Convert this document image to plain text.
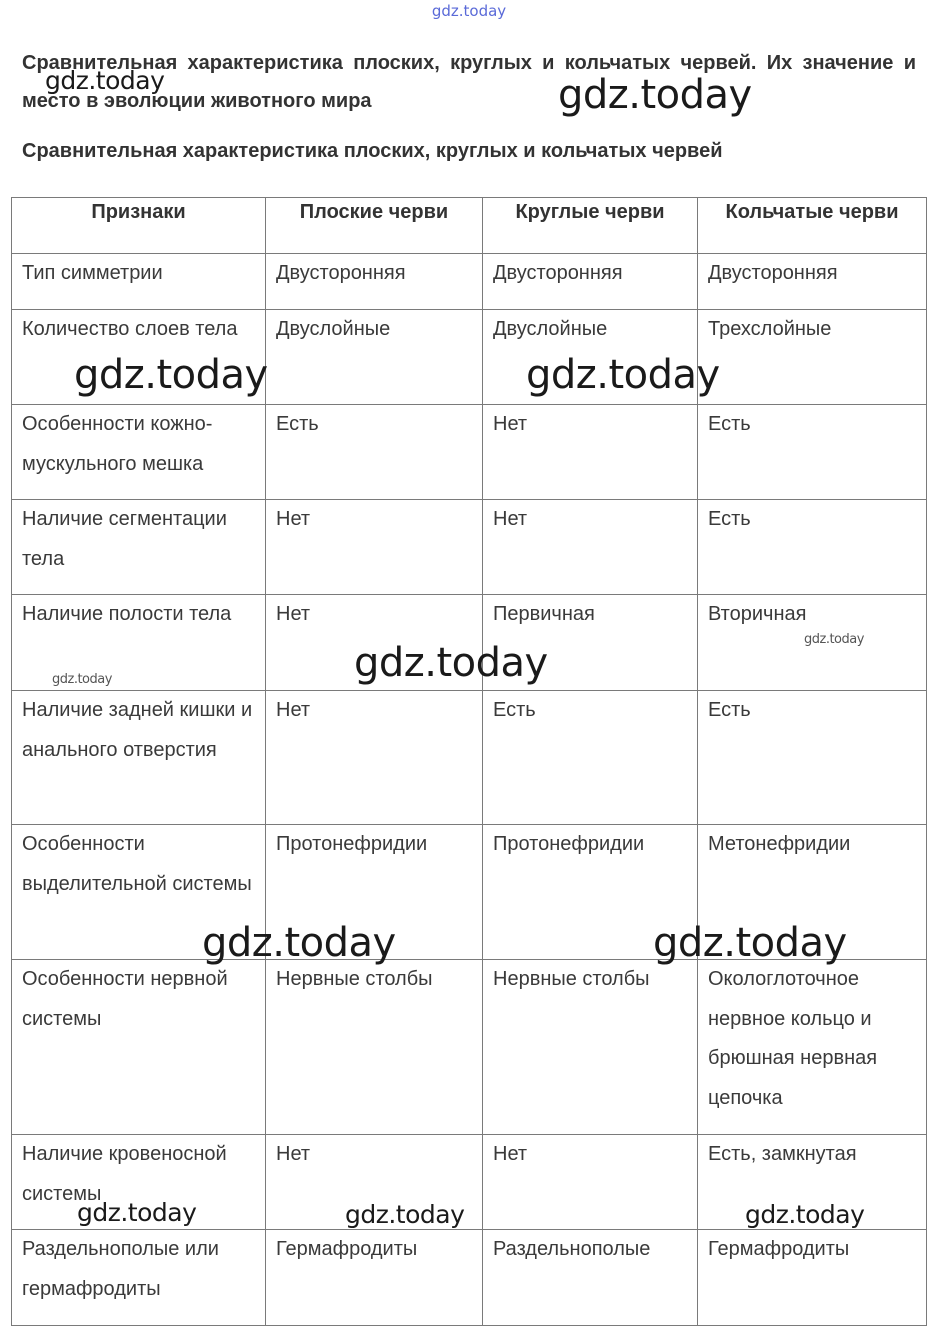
gdz.today
Сравнительная характеристика плоских, круглых и кольчатых червей. Их значение и место в эволюции животного мира
Сравнительная характеристика плоских, круглых и кольчатых червей
Признаки	Плоские черви	Круглые черви	Кольчатые черви
Тип симметрии	Двусторонняя	Двусторонняя	Двусторонняя
Количество слоев тела	Двуслойные	Двуслойные	Трехслойные
Особенности кожно-мускульного мешка	Есть	Нет	Есть
Наличие сегментации тела	Нет	Нет	Есть
Наличие полости тела	Нет	Первичная	Вторичная
Наличие задней кишки и анального отверстия	Нет	Есть	Есть
Особенности выделительной системы	Протонефридии	Протонефридии	Метонефридии
Особенности нервной системы	Нервные столбы	Нервные столбы	Окологлоточное нервное кольцо и брюшная нервная цепочка
Наличие кровеносной системы	Нет	Нет	Есть, замкнутая
Раздельнополые или гермафродиты	Гермафродиты	Раздельнополые	Гермафродиты
gdz.today	gdz.today
gdz.today	gdz.today
gdz.today
gdz.today
gdz.today
gdz.today	gdz.today
gdz.today	gdz.today	gdz.today
